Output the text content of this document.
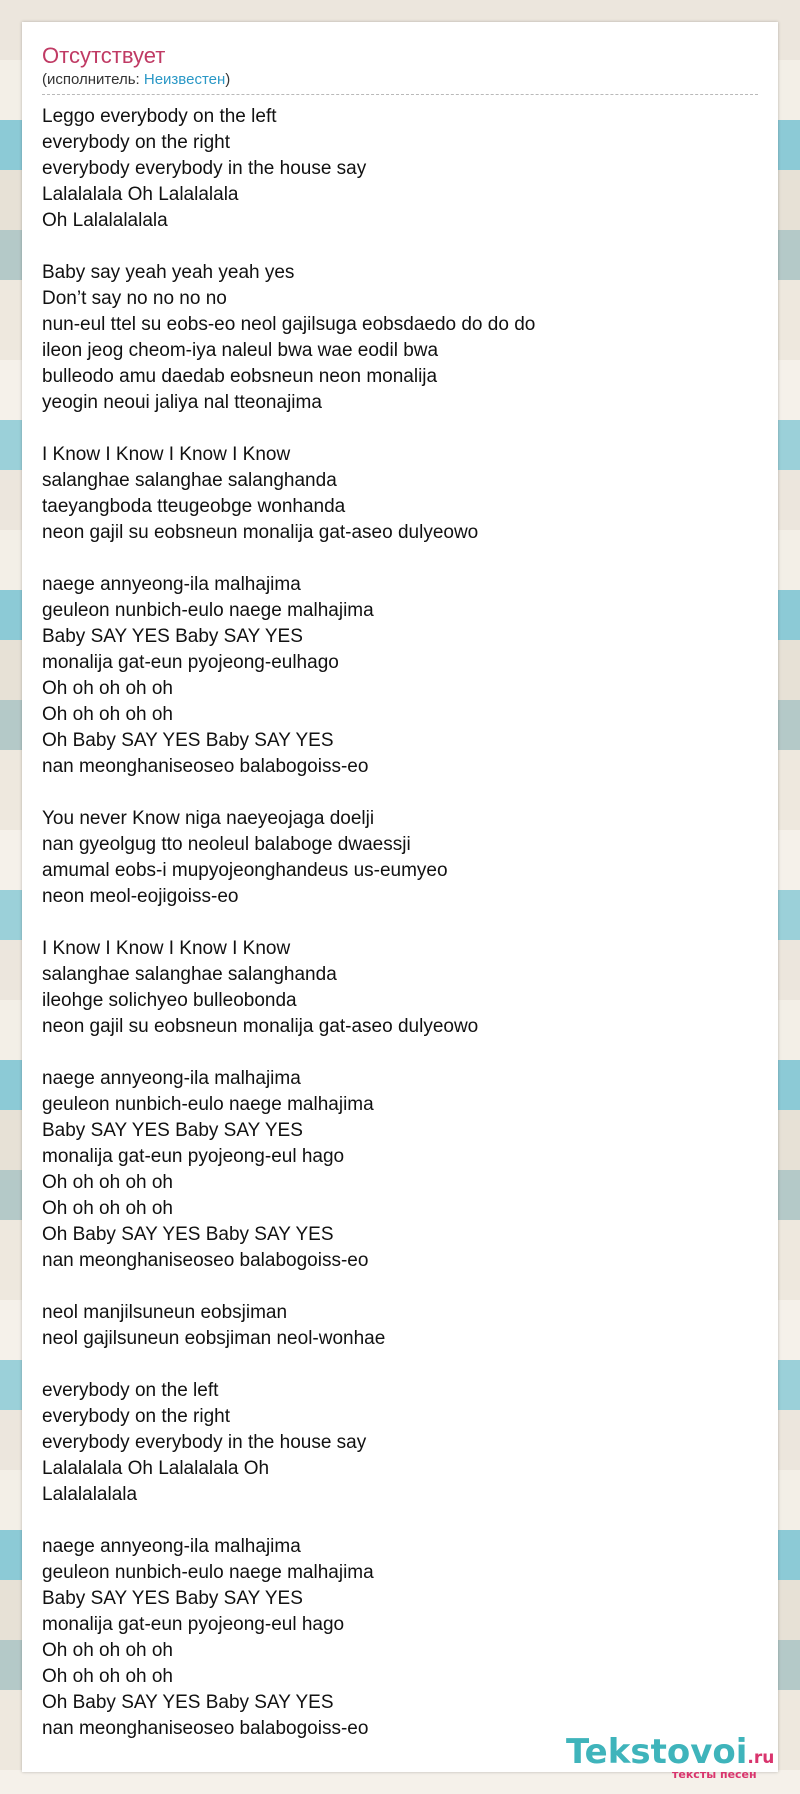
Отсутствует
(исполнитель: Неизвестен)
Leggo everybody on the left
everybody on the right
everybody everybody in the house say
Lalalalala Oh Lalalalala
Oh Lalalalalala
Baby say yeah yeah yeah yes
Don’t say no no no no
nun-eul ttel su eobs-eo neol gajilsuga eobsdaedo do do do
ileon jeog cheom-iya naleul bwa wae eodil bwa
bulleodo amu daedab eobsneun neon monalija
yeogin neoui jaliya nal tteonajima
I Know I Know I Know I Know
salanghae salanghae salanghanda
taeyangboda tteugeobge wonhanda
neon gajil su eobsneun monalija gat-aseo dulyeowo
naege annyeong-ila malhajima
geuleon nunbich-eulo naege malhajima
Baby SAY YES Baby SAY YES
monalija gat-eun pyojeong-eulhago
Oh oh oh oh oh
Oh oh oh oh oh
Oh Baby SAY YES Baby SAY YES
nan meonghaniseoseo balabogoiss-eo
You never Know niga naeyeojaga doelji
nan gyeolgug tto neoleul balaboge dwaessji
amumal eobs-i mupyojeonghandeus us-eumyeo
neon meol-eojigoiss-eo
I Know I Know I Know I Know
salanghae salanghae salanghanda
ileohge solichyeo bulleobonda
neon gajil su eobsneun monalija gat-aseo dulyeowo
naege annyeong-ila malhajima
geuleon nunbich-eulo naege malhajima
Baby SAY YES Baby SAY YES
monalija gat-eun pyojeong-eul hago
Oh oh oh oh oh
Oh oh oh oh oh
Oh Baby SAY YES Baby SAY YES
nan meonghaniseoseo balabogoiss-eo
neol manjilsuneun eobsjiman
neol gajilsuneun eobsjiman neol-wonhae
everybody on the left
everybody on the right
everybody everybody in the house say
Lalalalala Oh Lalalalala Oh
Lalalalalala
naege annyeong-ila malhajima
geuleon nunbich-eulo naege malhajima
Baby SAY YES Baby SAY YES
monalija gat-eun pyojeong-eul hago
Oh oh oh oh oh
Oh oh oh oh oh
Oh Baby SAY YES Baby SAY YES
nan meonghaniseoseo balabogoiss-eo
Tekstovoi.ru
тексты песен
